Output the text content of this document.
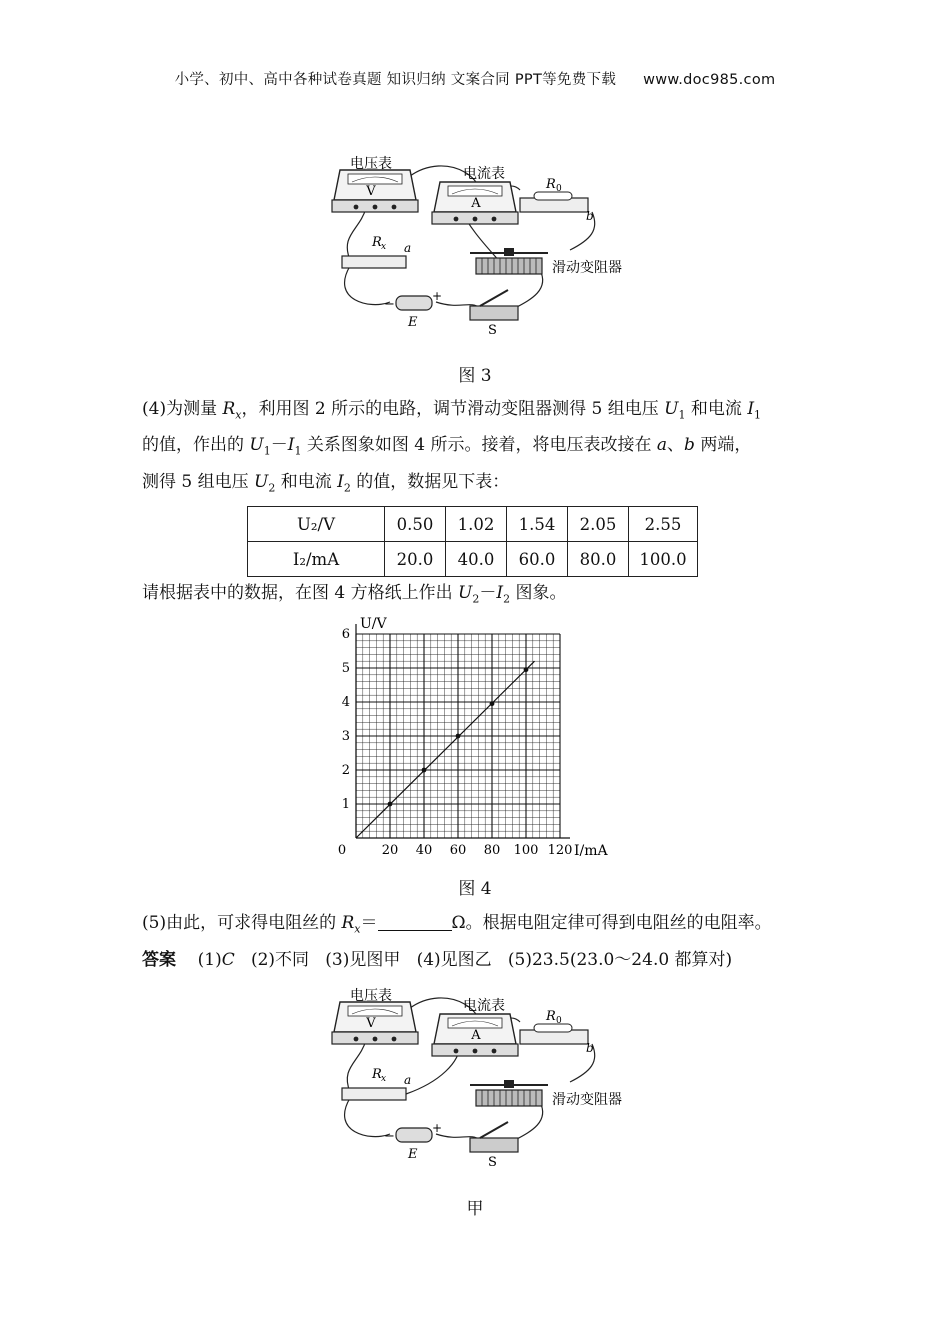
小学、初中、高中各种试卷真题 知识归纳 文案合同 PPT等免费下载 www.doc985.com
电压表
V
电流表
A
R 0
b
R x a
滑动变阻器
−
+
E
S
图 3
(4)为测量 $R_x$，利用图 2 所示的电路，调节滑动变阻器测得 5 组电压 $U_1$ 和电流 $I_1$
的值，作出的 $U_1-I_1$ 关系图象如图 4 所示。接着，将电压表改接在 a、b 两端，
测得 5 组电压 $U_2$ 和电流 $I_2$ 的值，数据见下表：
U₂/V	0.50	1.02	1.54	2.05	2.55
I₂/mA	20.0	40.0	60.0	80.0	100.0
请根据表中的数据，在图 4 方格纸上作出 $U_2-I_2$ 图象。
0	20 40 60 80 100 120
1
2
3
4
5
6
U/V
I/mA
图 4
(5)由此，可求得电阻丝的 $R_x=$	Ω。根据电阻定律可得到电阻丝的电阻率。
答案 (1)C (2)不同 (3)见图甲 (4)见图乙 (5)23.5(23.0～24.0 都算对)
电压表
V
电流表
A
R 0
b
R x a
滑动变阻器
−
+
E
S
甲
